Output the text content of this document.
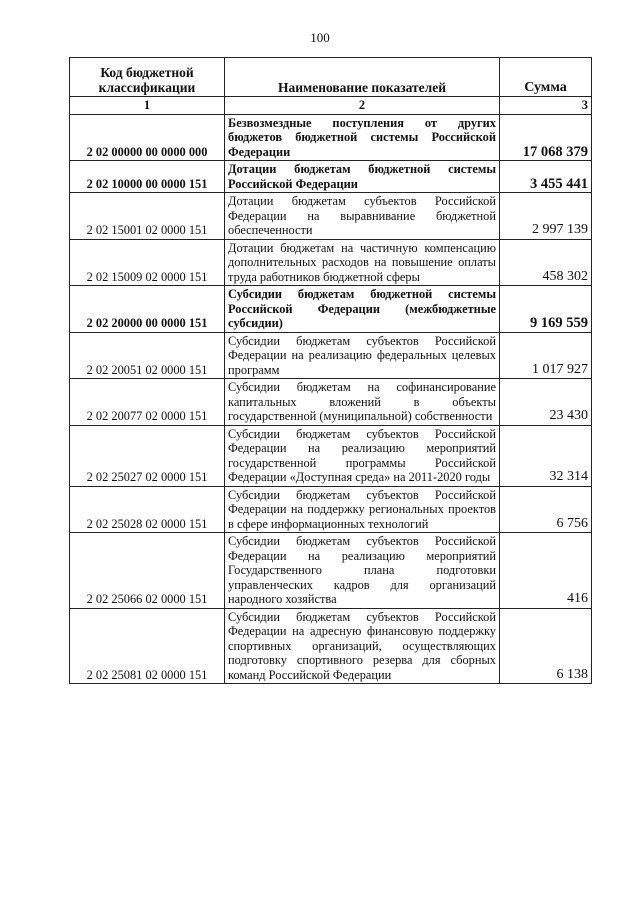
100
Код бюджетной классификации	Наименование показателей	Сумма
1	2	3
2 02 00000 00 0000 000	Безвозмездные поступления от других бюджетов бюджетной системы Российской Федерации	17 068 379
2 02 10000 00 0000 151	Дотации бюджетам бюджетной системы Российской Федерации	3 455 441
2 02 15001 02 0000 151	Дотации бюджетам субъектов Российской Федерации на выравнивание бюджетной обеспеченности	2 997 139
2 02 15009 02 0000 151	Дотации бюджетам на частичную компенсацию дополнительных расходов на повышение оплаты труда работников бюджетной сферы	458 302
2 02 20000 00 0000 151	Субсидии бюджетам бюджетной системы Российской Федерации (межбюджетные субсидии)	9 169 559
2 02 20051 02 0000 151	Субсидии бюджетам субъектов Российской Федерации на реализацию федеральных целевых программ	1 017 927
2 02 20077 02 0000 151	Субсидии бюджетам на софинансирование капитальных вложений в объекты государственной (муниципальной) собственности	23 430
2 02 25027 02 0000 151	Субсидии бюджетам субъектов Российской Федерации на реализацию мероприятий государственной программы Российской Федерации «Доступная среда» на 2011-2020 годы	32 314
2 02 25028 02 0000 151	Субсидии бюджетам субъектов Российской Федерации на поддержку региональных проектов в сфере информационных технологий	6 756
2 02 25066 02 0000 151	Субсидии бюджетам субъектов Российской Федерации на реализацию мероприятий Государственного плана подготовки управленческих кадров для организаций народного хозяйства	416
2 02 25081 02 0000 151	Субсидии бюджетам субъектов Российской Федерации на адресную финансовую поддержку спортивных организаций, осуществляющих подготовку спортивного резерва для сборных команд Российской Федерации	6 138
